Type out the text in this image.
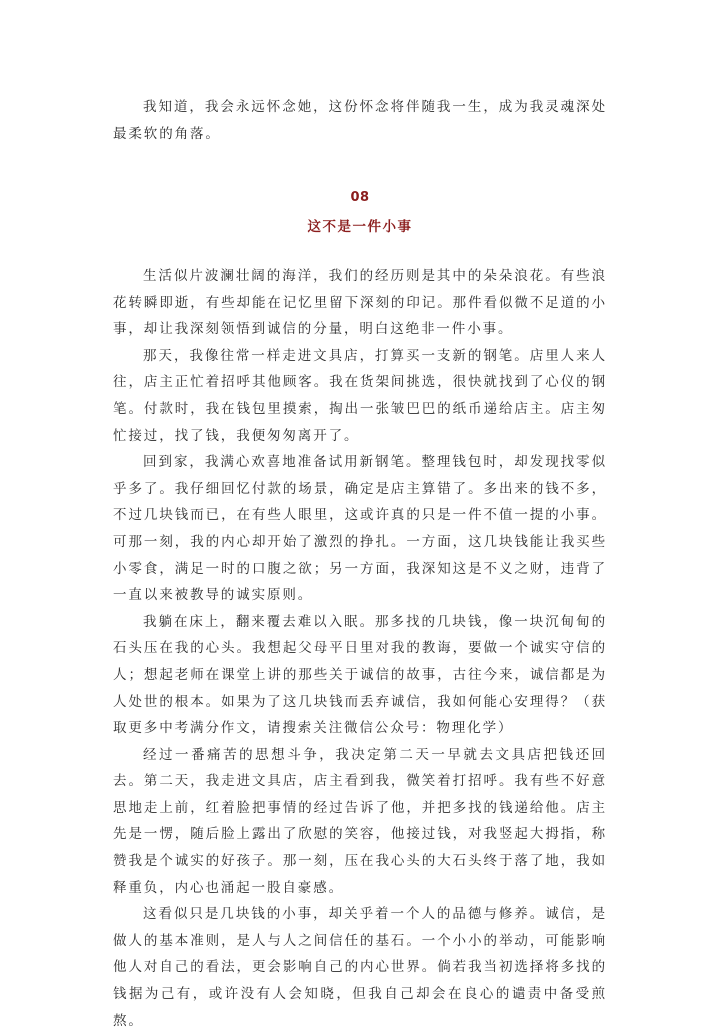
我知道，我会永远怀念她，这份怀念将伴随我一生，成为我灵魂深处最柔软的角落。

08
这不是一件小事

生活似片波澜壮阔的海洋，我们的经历则是其中的朵朵浪花。有些浪花转瞬即逝，有些却能在记忆里留下深刻的印记。那件看似微不足道的小事，却让我深刻领悟到诚信的分量，明白这绝非一件小事。

那天，我像往常一样走进文具店，打算买一支新的钢笔。店里人来人往，店主正忙着招呼其他顾客。我在货架间挑选，很快就找到了心仪的钢笔。付款时，我在钱包里摸索，掏出一张皱巴巴的纸币递给店主。店主匆忙接过，找了钱，我便匆匆离开了。

回到家，我满心欢喜地准备试用新钢笔。整理钱包时，却发现找零似乎多了。我仔细回忆付款的场景，确定是店主算错了。多出来的钱不多，不过几块钱而已，在有些人眼里，这或许真的只是一件不值一提的小事。可那一刻，我的内心却开始了激烈的挣扎。一方面，这几块钱能让我买些小零食，满足一时的口腹之欲；另一方面，我深知这是不义之财，违背了一直以来被教导的诚实原则。

我躺在床上，翻来覆去难以入眠。那多找的几块钱，像一块沉甸甸的石头压在我的心头。我想起父母平日里对我的教诲，要做一个诚实守信的人；想起老师在课堂上讲的那些关于诚信的故事，古往今来，诚信都是为人处世的根本。如果为了这几块钱而丢弃诚信，我如何能心安理得？（获取更多中考满分作文，请搜索关注微信公众号：物理化学）

经过一番痛苦的思想斗争，我决定第二天一早就去文具店把钱还回去。第二天，我走进文具店，店主看到我，微笑着打招呼。我有些不好意思地走上前，红着脸把事情的经过告诉了他，并把多找的钱递给他。店主先是一愣，随后脸上露出了欣慰的笑容，他接过钱，对我竖起大拇指，称赞我是个诚实的好孩子。那一刻，压在我心头的大石头终于落了地，我如释重负，内心也涌起一股自豪感。

这看似只是几块钱的小事，却关乎着一个人的品德与修养。诚信，是做人的基本准则，是人与人之间信任的基石。一个小小的举动，可能影响他人对自己的看法，更会影响自己的内心世界。倘若我当初选择将多找的钱据为己有，或许没有人会知晓，但我自己却会在良心的谴责中备受煎熬。
